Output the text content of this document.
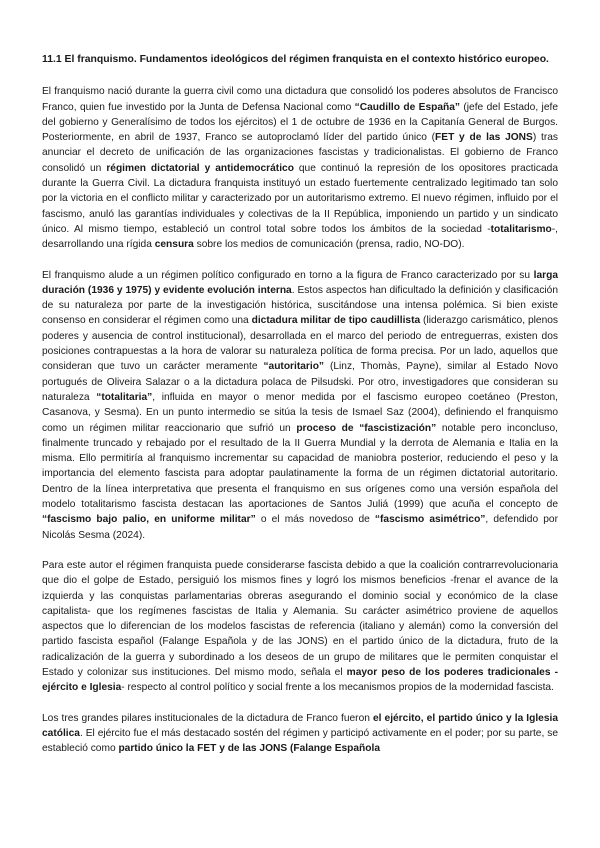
11.1 El franquismo. Fundamentos ideológicos del régimen franquista en el contexto histórico europeo.

El franquismo nació durante la guerra civil como una dictadura que consolidó los poderes absolutos de Francisco Franco, quien fue investido por la Junta de Defensa Nacional como “Caudillo de España” (jefe del Estado, jefe del gobierno y Generalísimo de todos los ejércitos) el 1 de octubre de 1936 en la Capitanía General de Burgos. Posteriormente, en abril de 1937, Franco se autoproclamó líder del partido único (FET y de las JONS) tras anunciar el decreto de unificación de las organizaciones fascistas y tradicionalistas. El gobierno de Franco consolidó un régimen dictatorial y antidemocrático que continuó la represión de los opositores practicada durante la Guerra Civil. La dictadura franquista instituyó un estado fuertemente centralizado legitimado tan solo por la victoria en el conflicto militar y caracterizado por un autoritarismo extremo. El nuevo régimen, influido por el fascismo, anuló las garantías individuales y colectivas de la II República, imponiendo un partido y un sindicato único. Al mismo tiempo, estableció un control total sobre todos los ámbitos de la sociedad -totalitarismo-, desarrollando una rígida censura sobre los medios de comunicación (prensa, radio, NO-DO).

El franquismo alude a un régimen político configurado en torno a la figura de Franco caracterizado por su larga duración (1936 y 1975) y evidente evolución interna. Estos aspectos han dificultado la definición y clasificación de su naturaleza por parte de la investigación histórica, suscitándose una intensa polémica. Si bien existe consenso en considerar el régimen como una dictadura militar de tipo caudillista (liderazgo carismático, plenos poderes y ausencia de control institucional), desarrollada en el marco del periodo de entreguerras, existen dos posiciones contrapuestas a la hora de valorar su naturaleza política de forma precisa. Por un lado, aquellos que consideran que tuvo un carácter meramente “autoritario” (Linz, Thomàs, Payne), similar al Estado Novo portugués de Oliveira Salazar o a la dictadura polaca de Pilsudski. Por otro, investigadores que consideran su naturaleza “totalitaria”, influida en mayor o menor medida por el fascismo europeo coetáneo (Preston, Casanova, y Sesma). En un punto intermedio se sitúa la tesis de Ismael Saz (2004), definiendo el franquismo como un régimen militar reaccionario que sufrió un proceso de “fascistización” notable pero inconcluso, finalmente truncado y rebajado por el resultado de la II Guerra Mundial y la derrota de Alemania e Italia en la misma. Ello permitiría al franquismo incrementar su capacidad de maniobra posterior, reduciendo el peso y la importancia del elemento fascista para adoptar paulatinamente la forma de un régimen dictatorial autoritario. Dentro de la línea interpretativa que presenta el franquismo en sus orígenes como una versión española del modelo totalitarismo fascista destacan las aportaciones de Santos Juliá (1999) que acuña el concepto de “fascismo bajo palio, en uniforme militar” o el más novedoso de “fascismo asimétrico”, defendido por Nicolás Sesma (2024).

Para este autor el régimen franquista puede considerarse fascista debido a que la coalición contrarrevolucionaria que dio el golpe de Estado, persiguió los mismos fines y logró los mismos beneficios -frenar el avance de la izquierda y las conquistas parlamentarias obreras asegurando el dominio social y económico de la clase capitalista- que los regímenes fascistas de Italia y Alemania. Su carácter asimétrico proviene de aquellos aspectos que lo diferencian de los modelos fascistas de referencia (italiano y alemán) como la conversión del partido fascista español (Falange Española y de las JONS) en el partido único de la dictadura, fruto de la radicalización de la guerra y subordinado a los deseos de un grupo de militares que le permiten conquistar el Estado y colonizar sus instituciones. Del mismo modo, señala el mayor peso de los poderes tradicionales -ejército e Iglesia- respecto al control político y social frente a los mecanismos propios de la modernidad fascista.

Los tres grandes pilares institucionales de la dictadura de Franco fueron el ejército, el partido único y la Iglesia católica. El ejército fue el más destacado sostén del régimen y participó activamente en el poder; por su parte, se estableció como partido único la FET y de las JONS (Falange Española
